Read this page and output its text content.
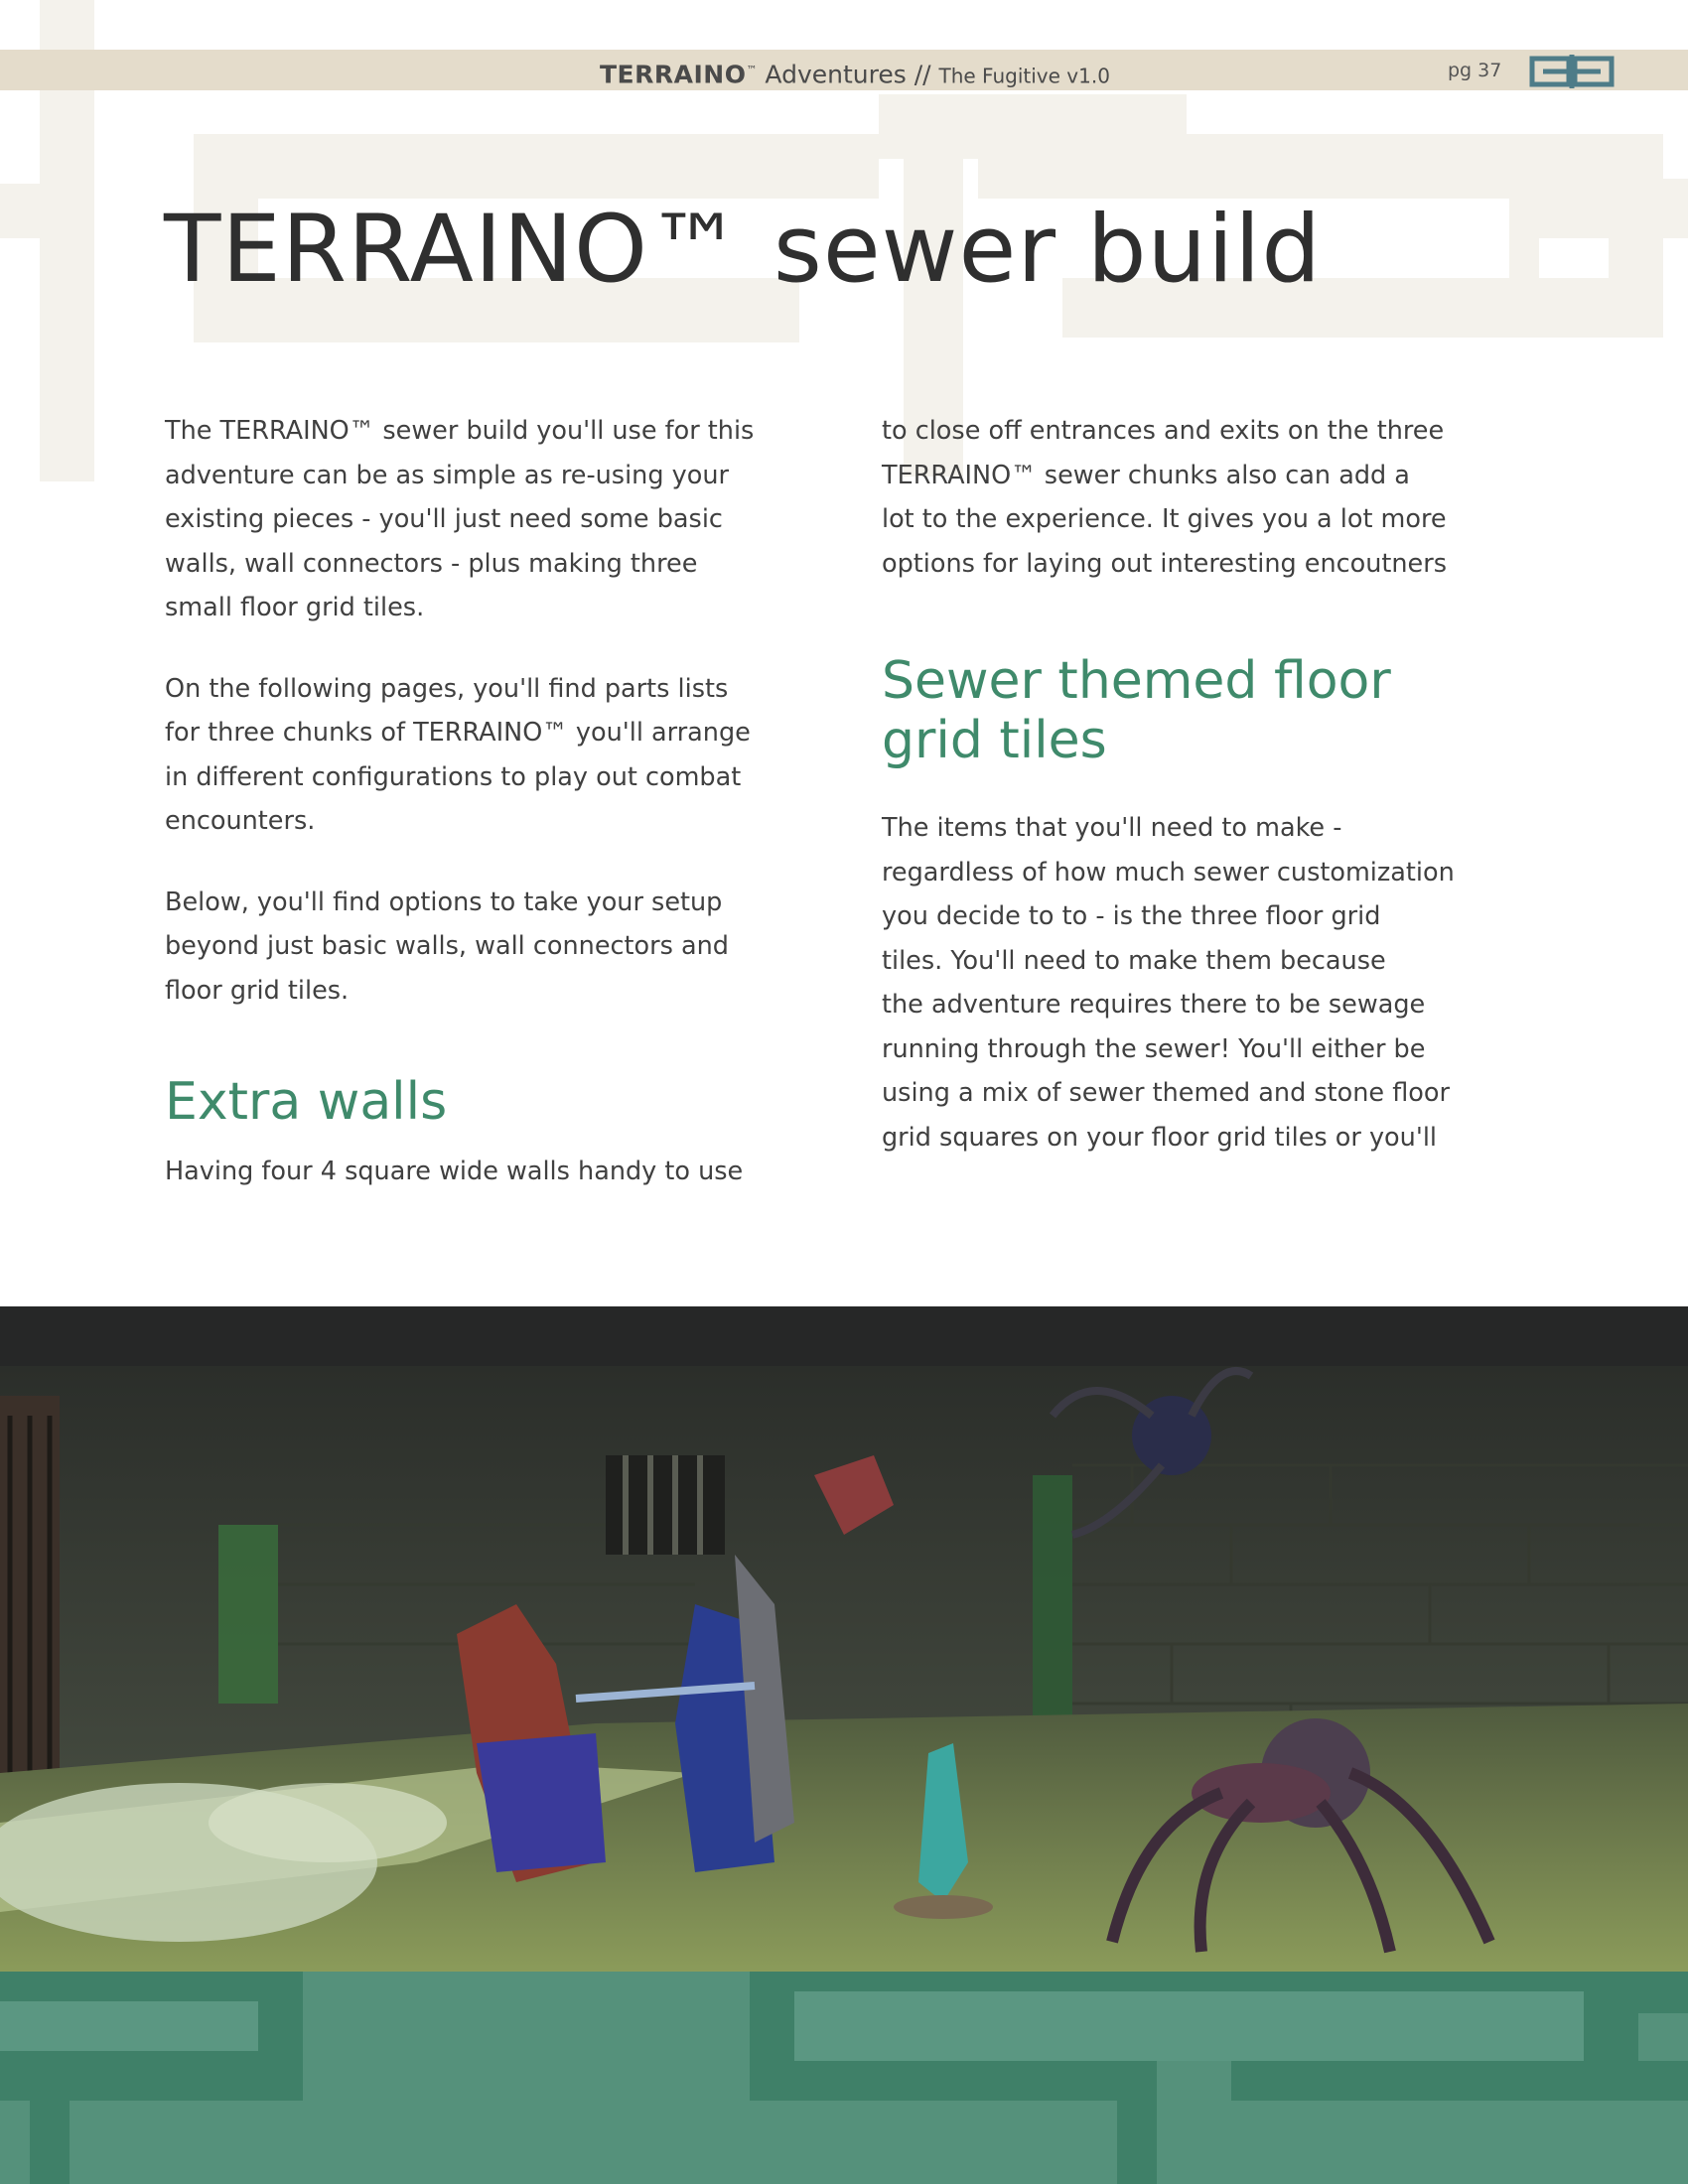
TERRAINO™ Adventures // The Fugitive v1.0	pg 37
TERRAINO™ sewer build

The TERRAINO™ sewer build you'll use for this
adventure can be as simple as re-using your
existing pieces - you'll just need some basic
walls, wall connectors - plus making three
small floor grid tiles.

On the following pages, you'll find parts lists
for three chunks of TERRAINO™ you'll arrange
in different configurations to play out combat
encounters.

Below, you'll find options to take your setup
beyond just basic walls, wall connectors and
floor grid tiles.

Extra walls

Having four 4 square wide walls handy to use

to close off entrances and exits on the three
TERRAINO™ sewer chunks also can add a
lot to the experience. It gives you a lot more
options for laying out interesting encoutners

Sewer themed floor
grid tiles

The items that you'll need to make -
regardless of how much sewer customization
you decide to to - is the three floor grid
tiles. You'll need to make them because
the adventure requires there to be sewage
running through the sewer! You'll either be
using a mix of sewer themed and stone floor
grid squares on your floor grid tiles or you'll
